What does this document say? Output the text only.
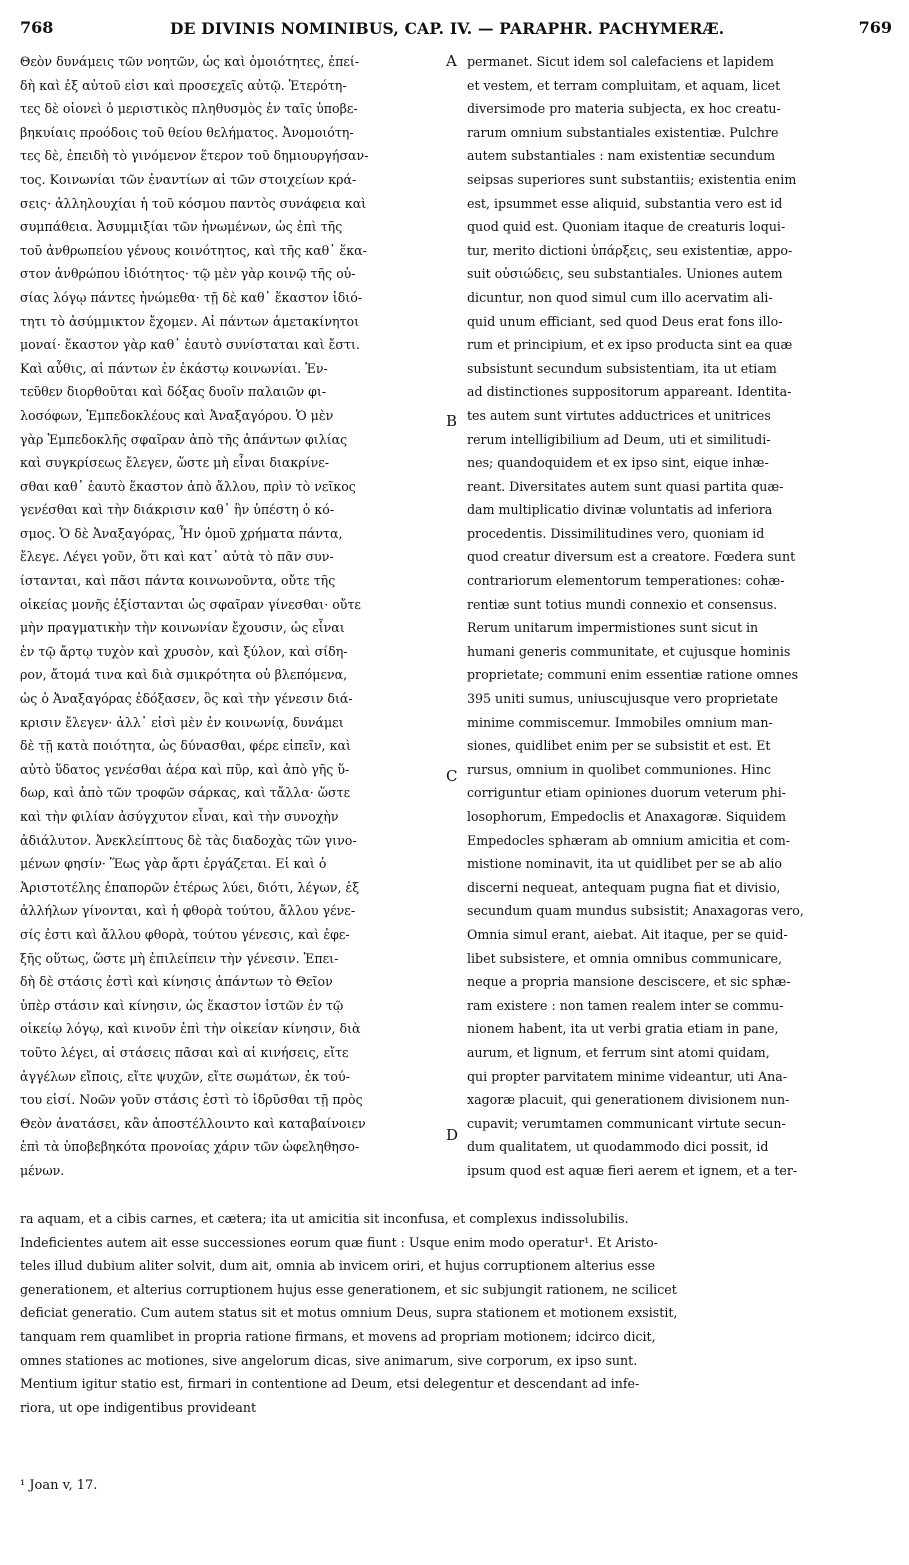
768	DE DIVINIS NOMINIBUS, CAP. IV. — PARAPHR. PACHYMERÆ.	769

Θεὸν δυνάμεις τῶν νοητῶν, ὡς καὶ ὁμοιότητες, ἐπεί-

δὴ καὶ ἐξ αὐτοῦ εἰσι καὶ προσεχεῖς αὐτῷ. Ἑτερότη-

τες δὲ οἱονεὶ ὁ μεριστικὸς πληθυσμὸς ἐν ταῖς ὑποβε-

βηκυίαις προόδοις τοῦ θείου θελήματος. Ἀνομοιότη-

τες δὲ, ἐπειδὴ τὸ γινόμενον ἕτερον τοῦ δημιουργήσαν-

τος. Κοινωνίαι τῶν ἐναντίων αἱ τῶν στοιχείων κρά-

σεις· ἀλληλουχίαι ἡ τοῦ κόσμου παντὸς συνάφεια καὶ

συμπάθεια. Ἀσυμμιξίαι τῶν ἡνωμένων, ὡς ἐπὶ τῆς

τοῦ ἀνθρωπείου γένους κοινότητος, καὶ τῆς καθ᾽ ἕκα-

στον ἀνθρώπου ἰδιότητος· τῷ μὲν γὰρ κοινῷ τῆς οὐ-

σίας λόγῳ πάντες ἡνώμεθα· τῇ δὲ καθ᾽ ἕκαστον ἰδιό-

τητι τὸ ἀσύμμικτον ἔχομεν. Αἱ πάντων ἀμετακίνητοι

μοναί· ἕκαστον γὰρ καθ᾽ ἑαυτὸ συνίσταται καὶ ἔστι.

Καὶ αὖθις, αἱ πάντων ἐν ἑκάστῳ κοινωνίαι. Ἐν-

τεῦθεν διορθοῦται καὶ δόξας δυοῖν παλαιῶν φι-

λοσόφων, Ἐμπεδοκλέους καὶ Ἀναξαγόρου. Ὁ μὲν

γὰρ Ἐμπεδοκλῆς σφαῖραν ἀπὸ τῆς ἁπάντων φιλίας

καὶ συγκρίσεως ἔλεγεν, ὥστε μὴ εἶναι διακρίνε-

σθαι καθ᾽ ἑαυτὸ ἕκαστον ἀπὸ ἄλλου, πρὶν τὸ νεῖκος

γενέσθαι καὶ τὴν διάκρισιν καθ᾽ ἣν ὑπέστη ὁ κό-

σμος. Ὁ δὲ Ἀναξαγόρας, Ἦν ὁμοῦ χρήματα πάντα,

ἔλεγε. Λέγει γοῦν, ὅτι καὶ κατ᾽ αὐτὰ τὸ πᾶν συν-

ίστανται, καὶ πᾶσι πάντα κοινωνοῦντα, οὔτε τῆς

οἰκείας μονῆς ἐξίστανται ὡς σφαῖραν γίνεσθαι· οὔτε

μὴν πραγματικὴν τὴν κοινωνίαν ἔχουσιν, ὡς εἶναι

ἐν τῷ ἄρτῳ τυχὸν καὶ χρυσὸν, καὶ ξύλον, καὶ σίδη-

ρον, ἄτομά τινα καὶ διὰ σμικρότητα οὐ βλεπόμενα,

ὡς ὁ Ἀναξαγόρας ἐδόξασεν, ὃς καὶ τὴν γένεσιν διά-

κρισιν ἔλεγεν· ἀλλ᾽ εἰσὶ μὲν ἐν κοινωνίᾳ, δυνάμει

δὲ τῇ κατὰ ποιότητα, ὡς δύνασθαι, φέρε εἰπεῖν, καὶ

αὐτὸ ὕδατος γενέσθαι ἀέρα καὶ πῦρ, καὶ ἀπὸ γῆς ὕ-

δωρ, καὶ ἀπὸ τῶν τροφῶν σάρκας, καὶ τἄλλα· ὥστε

καὶ τὴν φιλίαν ἀσύγχυτον εἶναι, καὶ τὴν συνοχὴν

ἀδιάλυτον. Ἀνεκλείπτους δὲ τὰς διαδοχὰς τῶν γινο-

μένων φησίν· Ἕως γὰρ ἄρτι ἐργάζεται. Εἰ καὶ ὁ

Ἀριστοτέλης ἐπαπορῶν ἑτέρως λύει, διότι, λέγων, ἐξ

ἀλλήλων γίνονται, καὶ ἡ φθορὰ τούτου, ἄλλου γένε-

σίς ἐστι καὶ ἄλλου φθορὰ, τούτου γένεσις, καὶ ἐφε-

ξῆς οὕτως, ὥστε μὴ ἐπιλείπειν τὴν γένεσιν. Ἐπει-

δὴ δὲ στάσις ἐστὶ καὶ κίνησις ἁπάντων τὸ Θεῖον

ὑπὲρ στάσιν καὶ κίνησιν, ὡς ἕκαστον ἱστῶν ἐν τῷ

οἰκείῳ λόγῳ, καὶ κινοῦν ἐπὶ τὴν οἰκείαν κίνησιν, διὰ

τοῦτο λέγει, αἱ στάσεις πᾶσαι καὶ αἱ κινήσεις, εἴτε

ἀγγέλων εἴποις, εἴτε ψυχῶν, εἴτε σωμάτων, ἐκ τού-

του εἰσί. Νοῶν γοῦν στάσις ἐστὶ τὸ ἱδρῦσθαι τῇ πρὸς

Θεὸν ἀνατάσει, κἂν ἀποστέλλοιντο καὶ καταβαίνοιεν

ἐπὶ τὰ ὑποβεβηκότα προνοίας χάριν τῶν ὠφεληθησο-

μένων.

permanet. Sicut idem sol calefaciens et lapidem

et vestem, et terram compluitam, et aquam, licet

diversimode pro materia subjecta, ex hoc creatu-

rarum omnium substantiales existentiæ. Pulchre

autem substantiales : nam existentiæ secundum

seipsas superiores sunt substantiis; existentia enim

est, ipsummet esse aliquid, substantia vero est id

quod quid est. Quoniam itaque de creaturis loqui-

tur, merito dictioni ὑπάρξεις, seu existentiæ, appo-

suit οὐσιώδεις, seu substantiales. Uniones autem

dicuntur, non quod simul cum illo acervatim ali-

quid unum efficiant, sed quod Deus erat fons illo-

rum et principium, et ex ipso producta sint ea quæ

subsistunt secundum subsistentiam, ita ut etiam

ad distinctiones suppositorum appareant. Identita-

tes autem sunt virtutes adductrices et unitrices

rerum intelligibilium ad Deum, uti et similitudi-

nes; quandoquidem et ex ipso sint, eique inhæ-

reant. Diversitates autem sunt quasi partita quæ-

dam multiplicatio divinæ voluntatis ad inferiora

procedentis. Dissimilitudines vero, quoniam id

quod creatur diversum est a creatore. Fœdera sunt

contrariorum elementorum temperationes: cohæ-

rentiæ sunt totius mundi connexio et consensus.

Rerum unitarum impermistiones sunt sicut in

humani generis communitate, et cujusque hominis

proprietate; communi enim essentiæ ratione omnes

395 uniti sumus, uniuscujusque vero proprietate

minime commiscemur. Immobiles omnium man-

siones, quidlibet enim per se subsistit et est. Et

rursus, omnium in quolibet communiones. Hinc

corriguntur etiam opiniones duorum veterum phi-

losophorum, Empedoclis et Anaxagoræ. Siquidem

Empedocles sphæram ab omnium amicitia et com-

mistione nominavit, ita ut quidlibet per se ab alio

discerni nequeat, antequam pugna fiat et divisio,

secundum quam mundus subsistit; Anaxagoras vero,

Omnia simul erant, aiebat. Ait itaque, per se quid-

libet subsistere, et omnia omnibus communicare,

neque a propria mansione desciscere, et sic sphæ-

ram existere : non tamen realem inter se commu-

nionem habent, ita ut verbi gratia etiam in pane,

aurum, et lignum, et ferrum sint atomi quidam,

qui propter parvitatem minime videantur, uti Ana-

xagoræ placuit, qui generationem divisionem nun-

cupavit; verumtamen communicant virtute secun-

dum qualitatem, ut quodammodo dici possit, id

ipsum quod est aquæ fieri aerem et ignem, et a ter-

A
B
C
D

ra aquam, et a cibis carnes, et cætera; ita ut amicitia sit inconfusa, et complexus indissolubilis.

Indeficientes autem ait esse successiones eorum quæ fiunt : Usque enim modo operatur¹. Et Aristo-

teles illud dubium aliter solvit, dum ait, omnia ab invicem oriri, et hujus corruptionem alterius esse

generationem, et alterius corruptionem hujus esse generationem, et sic subjungit rationem, ne scilicet

deficiat generatio. Cum autem status sit et motus omnium Deus, supra stationem et motionem exsistit,

tanquam rem quamlibet in propria ratione firmans, et movens ad propriam motionem; idcirco dicit,

omnes stationes ac motiones, sive angelorum dicas, sive animarum, sive corporum, ex ipso sunt.

Mentium igitur statio est, firmari in contentione ad Deum, etsi delegentur et descendant ad infe-

riora, ut ope indigentibus provideant

¹ Joan v, 17.
